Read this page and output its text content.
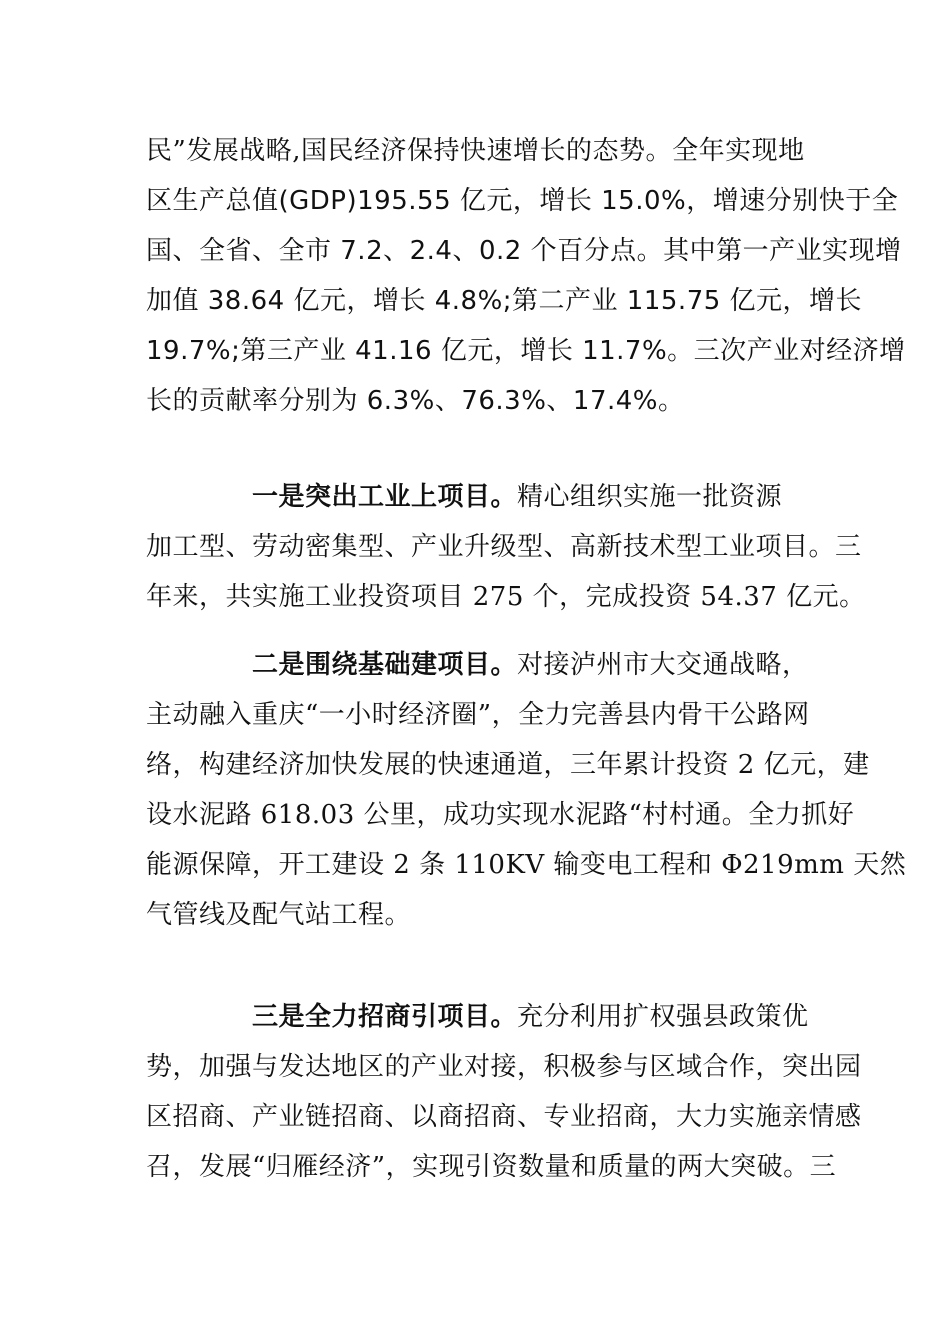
民”发展战略,国民经济保持快速增长的态势。全年实现地
区生产总值(GDP)195.55 亿元，增长 15.0%，增速分别快于全
国、全省、全市 7.2、2.4、0.2 个百分点。其中第一产业实现增
加值 38.64 亿元，增长 4.8%;第二产业 115.75 亿元，增长
19.7%;第三产业 41.16 亿元，增长 11.7%。三次产业对经济增
长的贡献率分别为 6.3%、76.3%、17.4%。
　　　　一是突出工业上项目。精心组织实施一批资源
加工型、劳动密集型、产业升级型、高新技术型工业项目。三
年来，共实施工业投资项目 275 个，完成投资 54.37 亿元。
　　　　二是围绕基础建项目。对接泸州市大交通战略，
主动融入重庆“一小时经济圈”，全力完善县内骨干公路网
络，构建经济加快发展的快速通道，三年累计投资 2 亿元，建
设水泥路 618.03 公里，成功实现水泥路“村村通。全力抓好
能源保障，开工建设 2 条 110KV 输变电工程和 Φ219mm 天然
气管线及配气站工程。
　　　　三是全力招商引项目。充分利用扩权强县政策优
势，加强与发达地区的产业对接，积极参与区域合作，突出园
区招商、产业链招商、以商招商、专业招商，大力实施亲情感
召，发展“归雁经济”，实现引资数量和质量的两大突破。三
